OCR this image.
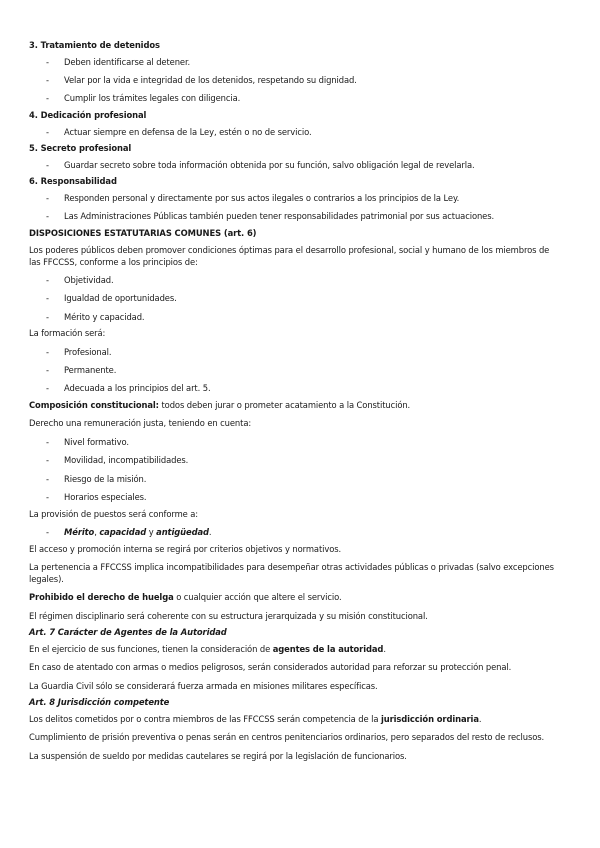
3. Tratamiento de detenidos

- Deben identificarse al detener.

- Velar por la vida e integridad de los detenidos, respetando su dignidad.

- Cumplir los trámites legales con diligencia.

4. Dedicación profesional

- Actuar siempre en defensa de la Ley, estén o no de servicio.

5. Secreto profesional

- Guardar secreto sobre toda información obtenida por su función, salvo obligación legal de revelarla.

6. Responsabilidad

- Responden personal y directamente por sus actos ilegales o contrarios a los principios de la Ley.

- Las Administraciones Públicas también pueden tener responsabilidades patrimonial por sus actuaciones.

DISPOSICIONES ESTATUTARIAS COMUNES (art. 6)

Los poderes públicos deben promover condiciones óptimas para el desarrollo profesional, social y humano de los miembros de

las FFCCSS, conforme a los principios de:

- Objetividad.

- Igualdad de oportunidades.

- Mérito y capacidad.

La formación será:

- Profesional.

- Permanente.

- Adecuada a los principios del art. 5.

Composición constitucional: todos deben jurar o prometer acatamiento a la Constitución.

Derecho una remuneración justa, teniendo en cuenta:

- Nivel formativo.

- Movilidad, incompatibilidades.

- Riesgo de la misión.

- Horarios especiales.

La provisión de puestos será conforme a:

- Mérito, capacidad y antigüedad.

El acceso y promoción interna se regirá por criterios objetivos y normativos.

La pertenencia a FFCCSS implica incompatibilidades para desempeñar otras actividades públicas o privadas (salvo excepciones

legales).

Prohibido el derecho de huelga o cualquier acción que altere el servicio.

El régimen disciplinario será coherente con su estructura jerarquizada y su misión constitucional.

Art. 7 Carácter de Agentes de la Autoridad

En el ejercicio de sus funciones, tienen la consideración de agentes de la autoridad.

En caso de atentado con armas o medios peligrosos, serán considerados autoridad para reforzar su protección penal.

La Guardia Civil sólo se considerará fuerza armada en misiones militares específicas.

Art. 8 Jurisdicción competente

Los delitos cometidos por o contra miembros de las FFCCSS serán competencia de la jurisdicción ordinaria.

Cumplimiento de prisión preventiva o penas serán en centros penitenciarios ordinarios, pero separados del resto de reclusos.

La suspensión de sueldo por medidas cautelares se regirá por la legislación de funcionarios.
